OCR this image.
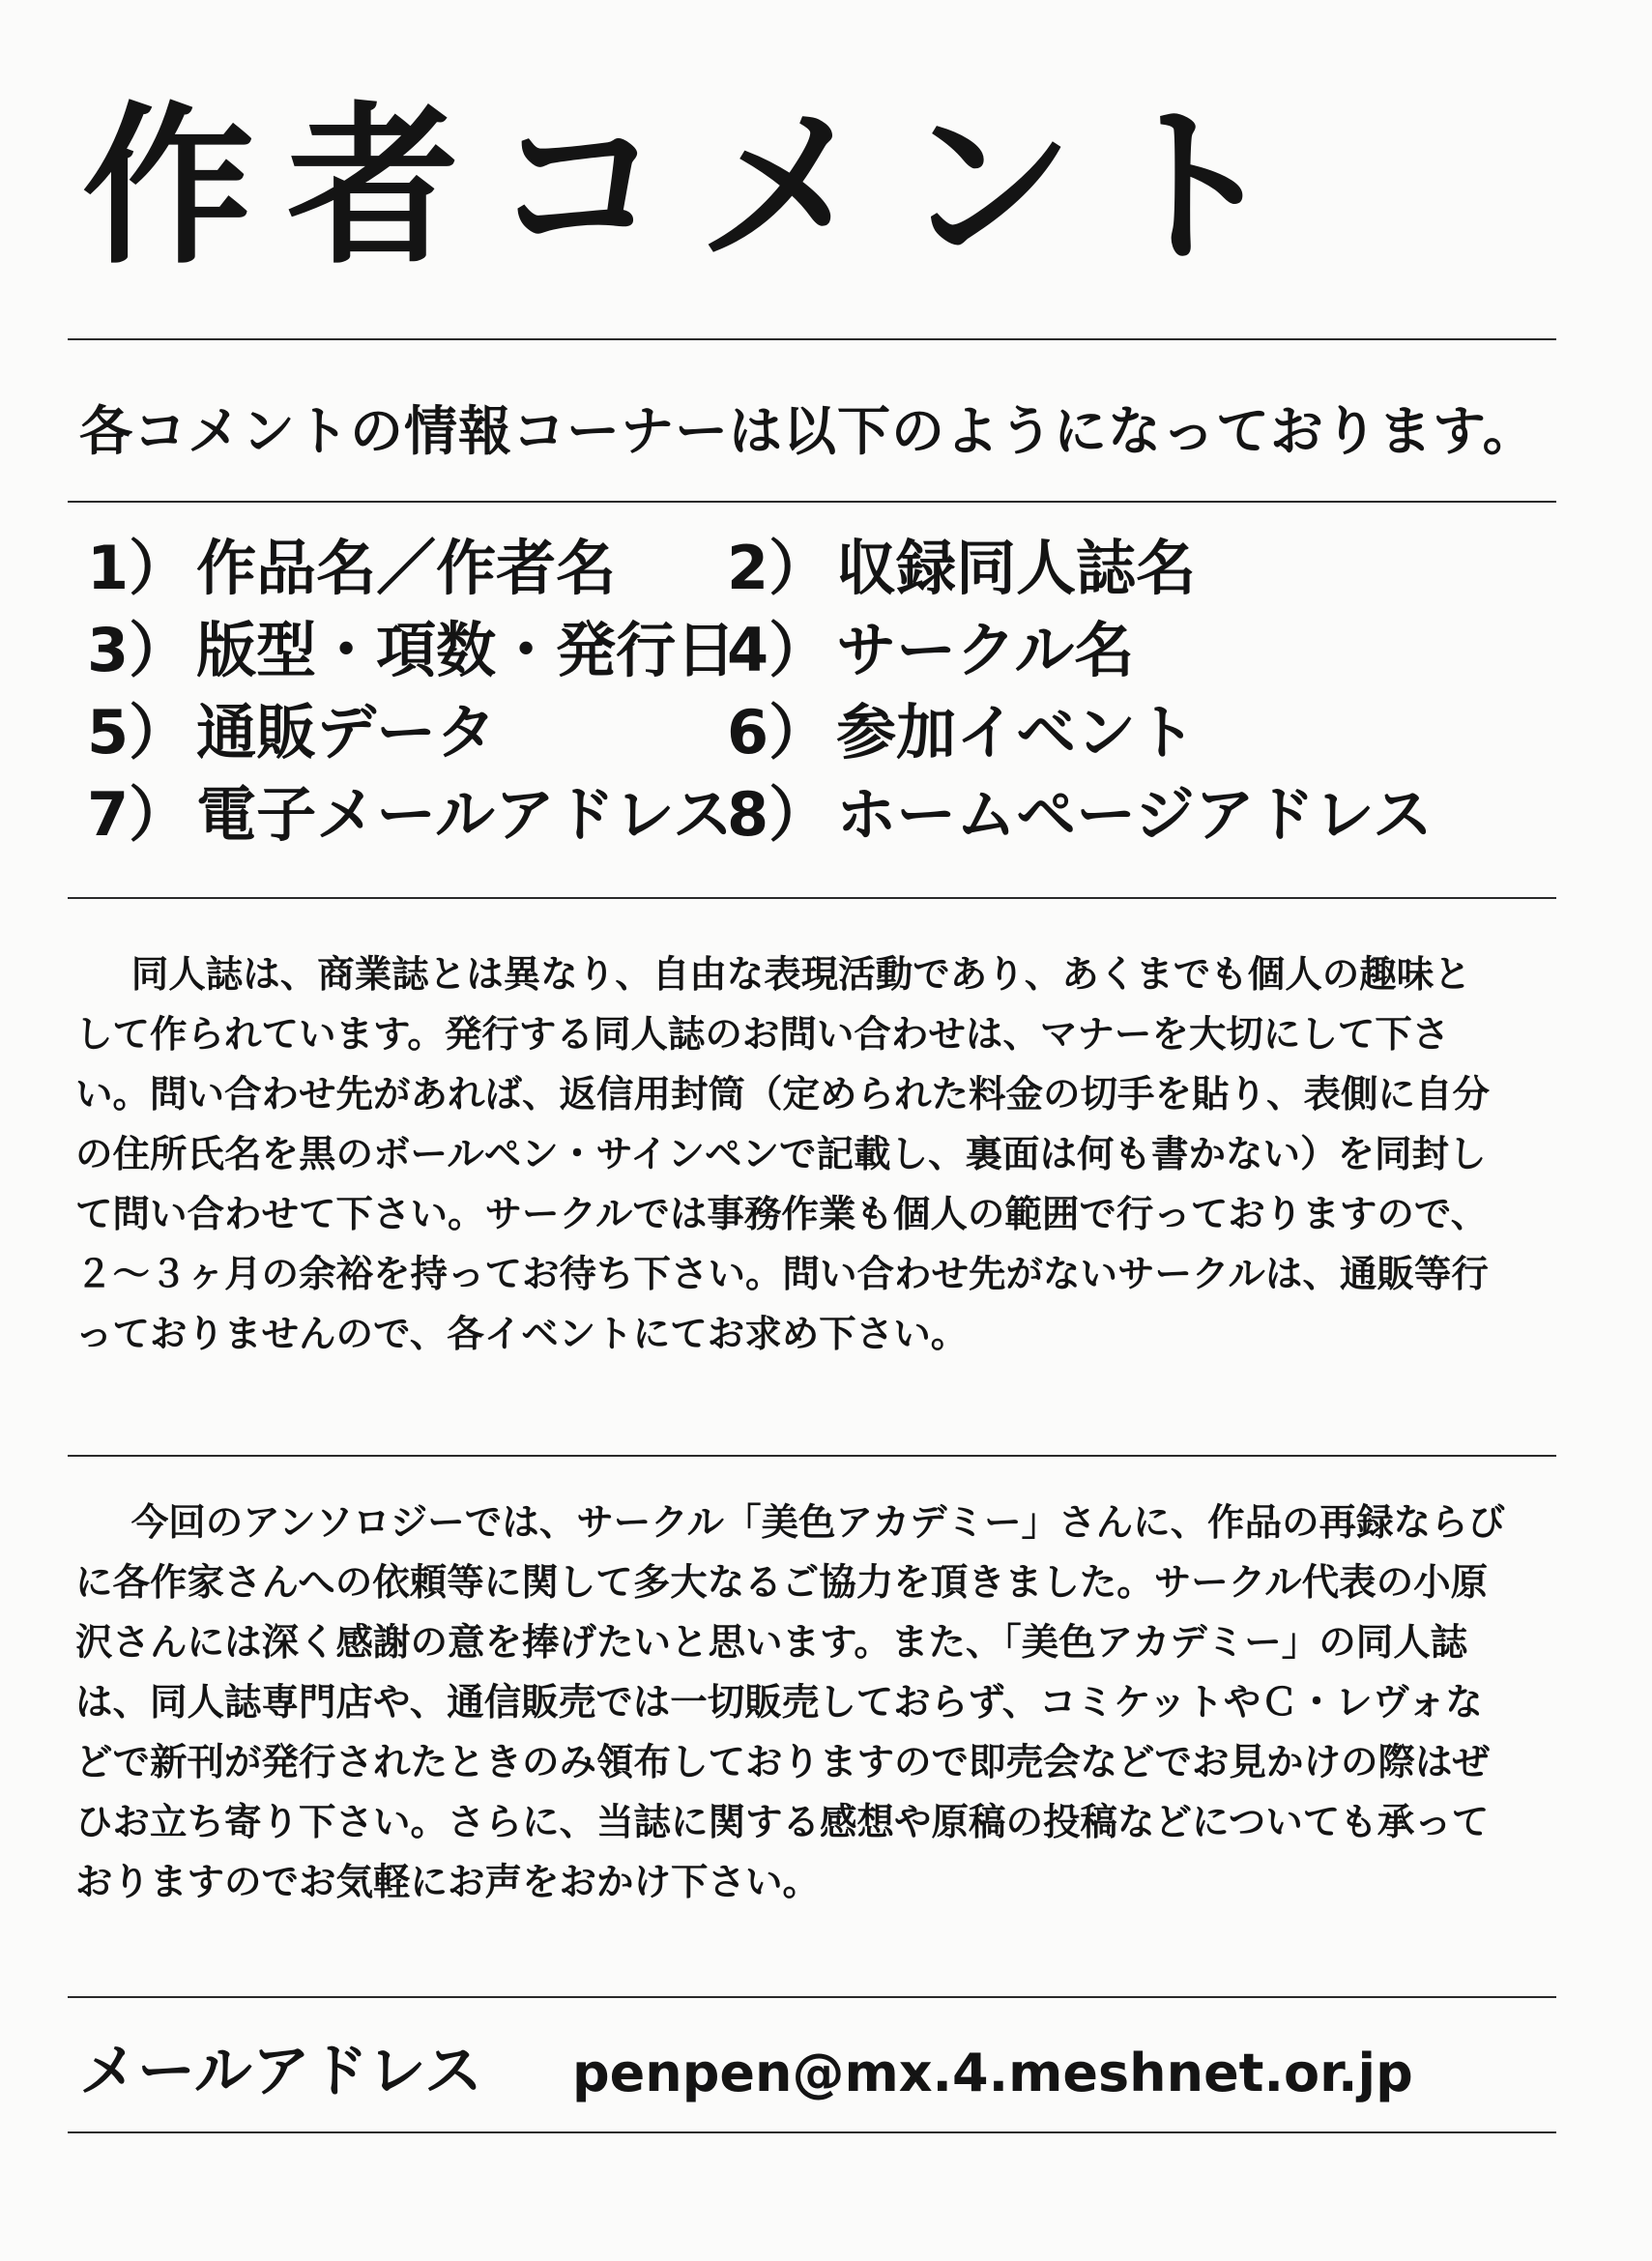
作者コメント
各コメントの情報コーナーは以下のようになっております。
1） 作品名／作者名	2） 収録同人誌名
3） 版型・項数・発行日
4） サークル名
5） 通販データ	6） 参加イベント
7） 電子メールアドレス
8） ホームページアドレス

同人誌は、商業誌とは異なり、自由な表現活動であり、あくまでも個人の趣味として作られています。発行する同人誌のお問い合わせは、マナーを大切にして下さい。問い合わせ先があれば、返信用封筒（定められた料金の切手を貼り、表側に自分の住所氏名を黒のボールペン・サインペンで記載し、裏面は何も書かない）を同封して問い合わせて下さい。サークルでは事務作業も個人の範囲で行っておりますので、２〜３ヶ月の余裕を持ってお待ち下さい。問い合わせ先がないサークルは、通販等行っておりませんので、各イベントにてお求め下さい。

今回のアンソロジーでは、サークル「美色アカデミー」さんに、作品の再録ならびに各作家さんへの依頼等に関して多大なるご協力を頂きました。サークル代表の小原沢さんには深く感謝の意を捧げたいと思います。また、「美色アカデミー」の同人誌は、同人誌専門店や、通信販売では一切販売しておらず、コミケットやＣ・レヴォなどで新刊が発行されたときのみ領布しておりますので即売会などでお見かけの際はぜひお立ち寄り下さい。さらに、当誌に関する感想や原稿の投稿などについても承っておりますのでお気軽にお声をおかけ下さい。

メールアドレス penpen@mx.4.meshnet.or.jp
